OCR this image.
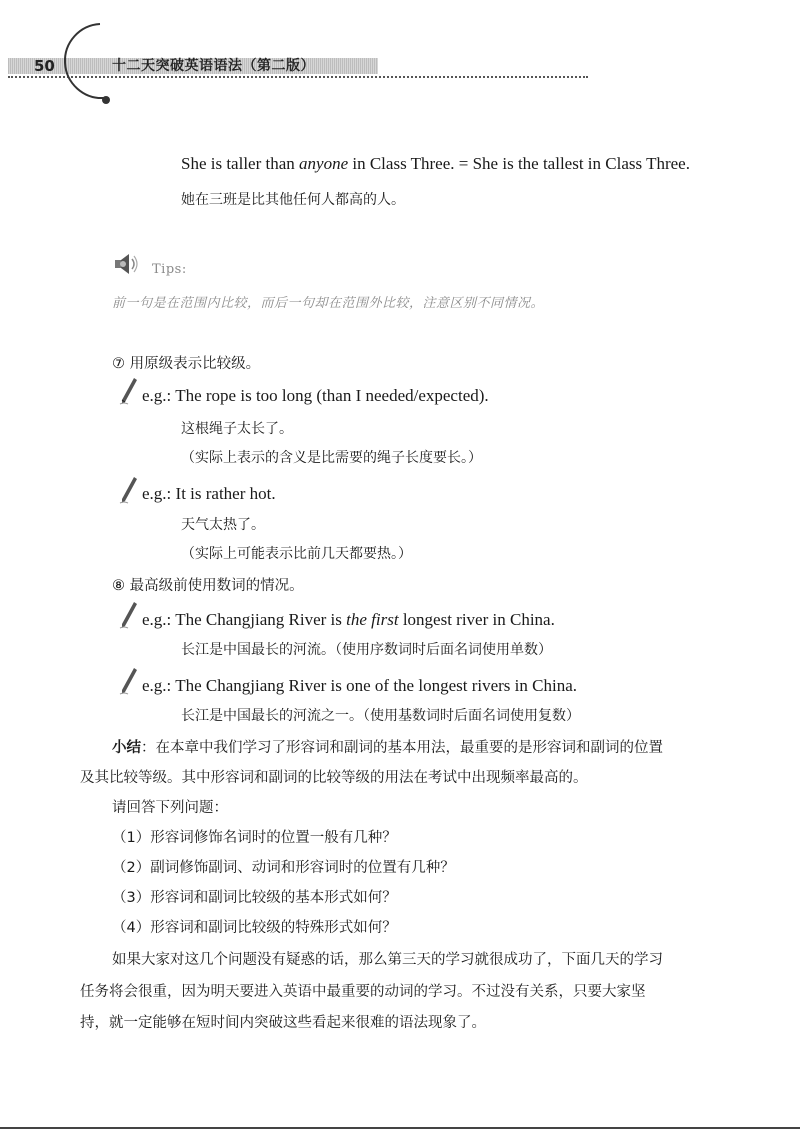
50	十二天突破英语语法（第二版）
She is taller than anyone in Class Three. = She is the tallest in Class Three.
她在三班是比其他任何人都高的人。
Tips:
前一句是在范围内比较，而后一句却在范围外比较，注意区别不同情况。
⑦ 用原级表示比较级。
e.g.: The rope is too long (than I needed/expected).
这根绳子太长了。
（实际上表示的含义是比需要的绳子长度要长。）
e.g.: It is rather hot.
天气太热了。
（实际上可能表示比前几天都要热。）
⑧ 最高级前使用数词的情况。
e.g.: The Changjiang River is the first longest river in China.
长江是中国最长的河流。（使用序数词时后面名词使用单数）
e.g.: The Changjiang River is one of the longest rivers in China.
长江是中国最长的河流之一。（使用基数词时后面名词使用复数）
小结：在本章中我们学习了形容词和副词的基本用法，最重要的是形容词和副词的位置
及其比较等级。其中形容词和副词的比较等级的用法在考试中出现频率最高的。
请回答下列问题：
（1）形容词修饰名词时的位置一般有几种？
（2）副词修饰副词、动词和形容词时的位置有几种？
（3）形容词和副词比较级的基本形式如何？
（4）形容词和副词比较级的特殊形式如何？
如果大家对这几个问题没有疑惑的话，那么第三天的学习就很成功了，下面几天的学习
任务将会很重，因为明天要进入英语中最重要的动词的学习。不过没有关系，只要大家坚
持，就一定能够在短时间内突破这些看起来很难的语法现象了。
